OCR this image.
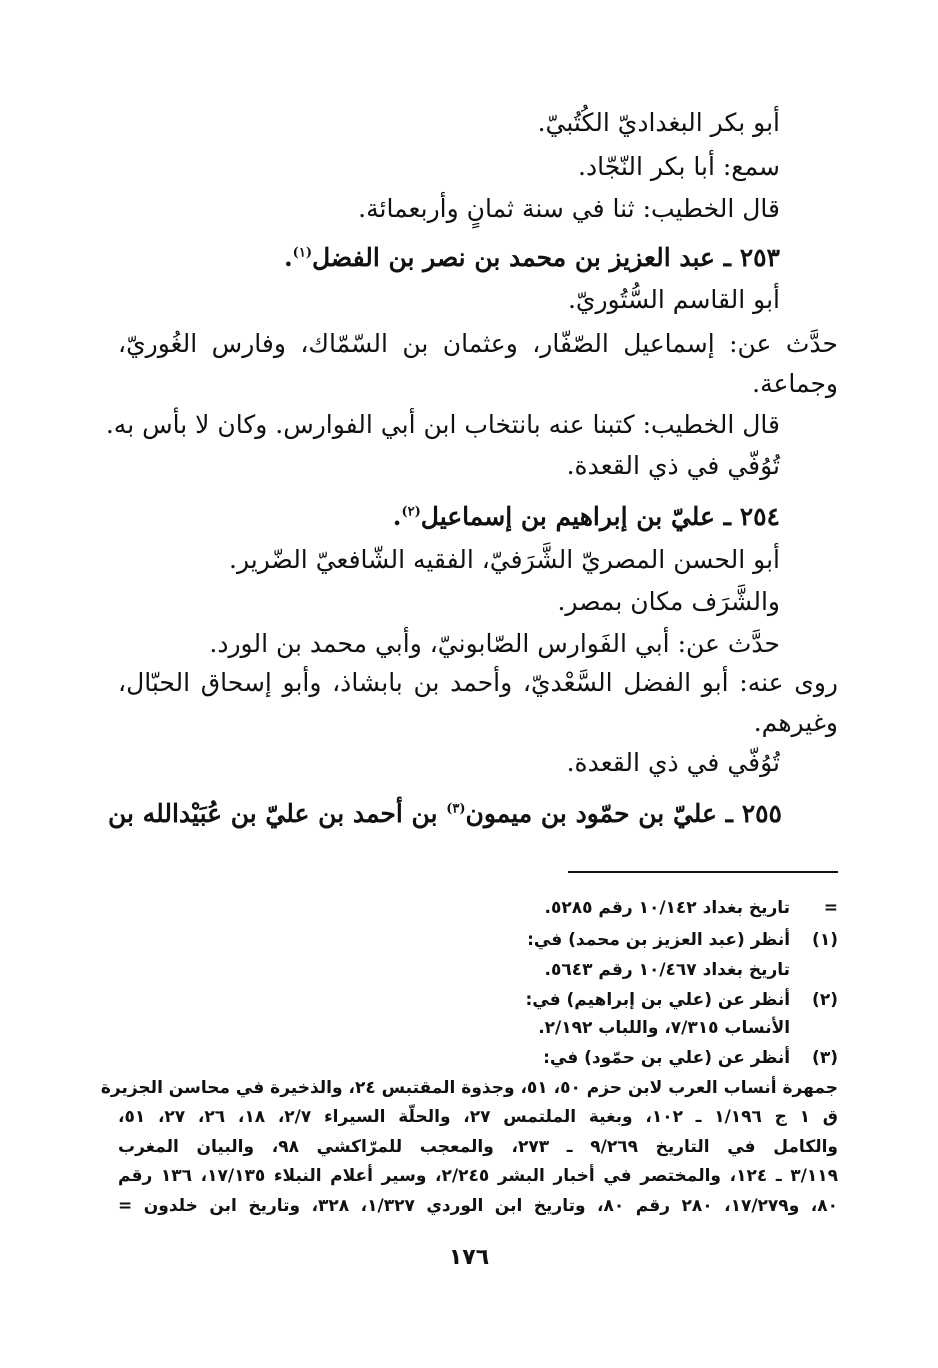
أبو بكر البغداديّ الكُتُبيّ.
سمع: أبا بكر النّجّاد.
قال الخطيب: ثنا في سنة ثمانٍ وأربعمائة.
٢٥٣ ـ عبد العزيز بن محمد بن نصر بن الفضل$^{(١)}$.
أبو القاسم السُّتُوريّ.
حدَّث عن: إسماعيل الصّفّار، وعثمان بن السّمّاك، وفارس الغُوريّ،
وجماعة.
قال الخطيب: كتبنا عنه بانتخاب ابن أبي الفوارس. وكان لا بأس به.
تُوُفّي في ذي القعدة.
٢٥٤ ـ عليّ بن إبراهيم بن إسماعيل$^{(٢)}$.
أبو الحسن المصريّ الشَّرَفيّ، الفقيه الشّافعيّ الضّرير.
والشَّرَف مكان بمصر.
حدَّث عن: أبي الفَوارس الصّابونيّ، وأبي محمد بن الورد.
روى عنه: أبو الفضل السَّعْديّ، وأحمد بن بابشاذ، وأبو إسحاق الحبّال،
وغيرهم.
تُوُفّي في ذي القعدة.
٢٥٥ ـ عليّ بن حمّود بن ميمون$^{(٣)}$ بن أحمد بن عليّ بن عُبَيْدالله بن
= تاريخ بغداد ١٠/١٤٢ رقم ٥٢٨٥.
(١) أنظر (عبد العزيز بن محمد) في:
تاريخ بغداد ١٠/٤٦٧ رقم ٥٦٤٣.
(٢) أنظر عن (علي بن إبراهيم) في:
الأنساب ٧/٣١٥، واللباب ٢/١٩٢.
(٣) أنظر عن (علي بن حمّود) في:
جمهرة أنساب العرب لابن حزم ٥٠، ٥١، وجذوة المقتبس ٢٤، والذخيرة في محاسن الجزيرة
ق ١ ج ١/١٩٦ ـ ١٠٢، وبغية الملتمس ٢٧، والحلّة السيراء ٢/٧، ١٨، ٢٦، ٢٧، ٥١،
والكامل في التاريخ ٩/٢٦٩ ـ ٢٧٣، والمعجب للمرّاكشي ٩٨، والبيان المغرب
٣/١١٩ ـ ١٢٤، والمختصر في أخبار البشر ٢/٢٤٥، وسير أعلام النبلاء ١٧/١٣٥، ١٣٦ رقم
٨٠، و١٧/٢٧٩، ٢٨٠ رقم ٨٠، وتاريخ ابن الوردي ١/٣٢٧، ٣٢٨، وتاريخ ابن خلدون =
١٧٦
